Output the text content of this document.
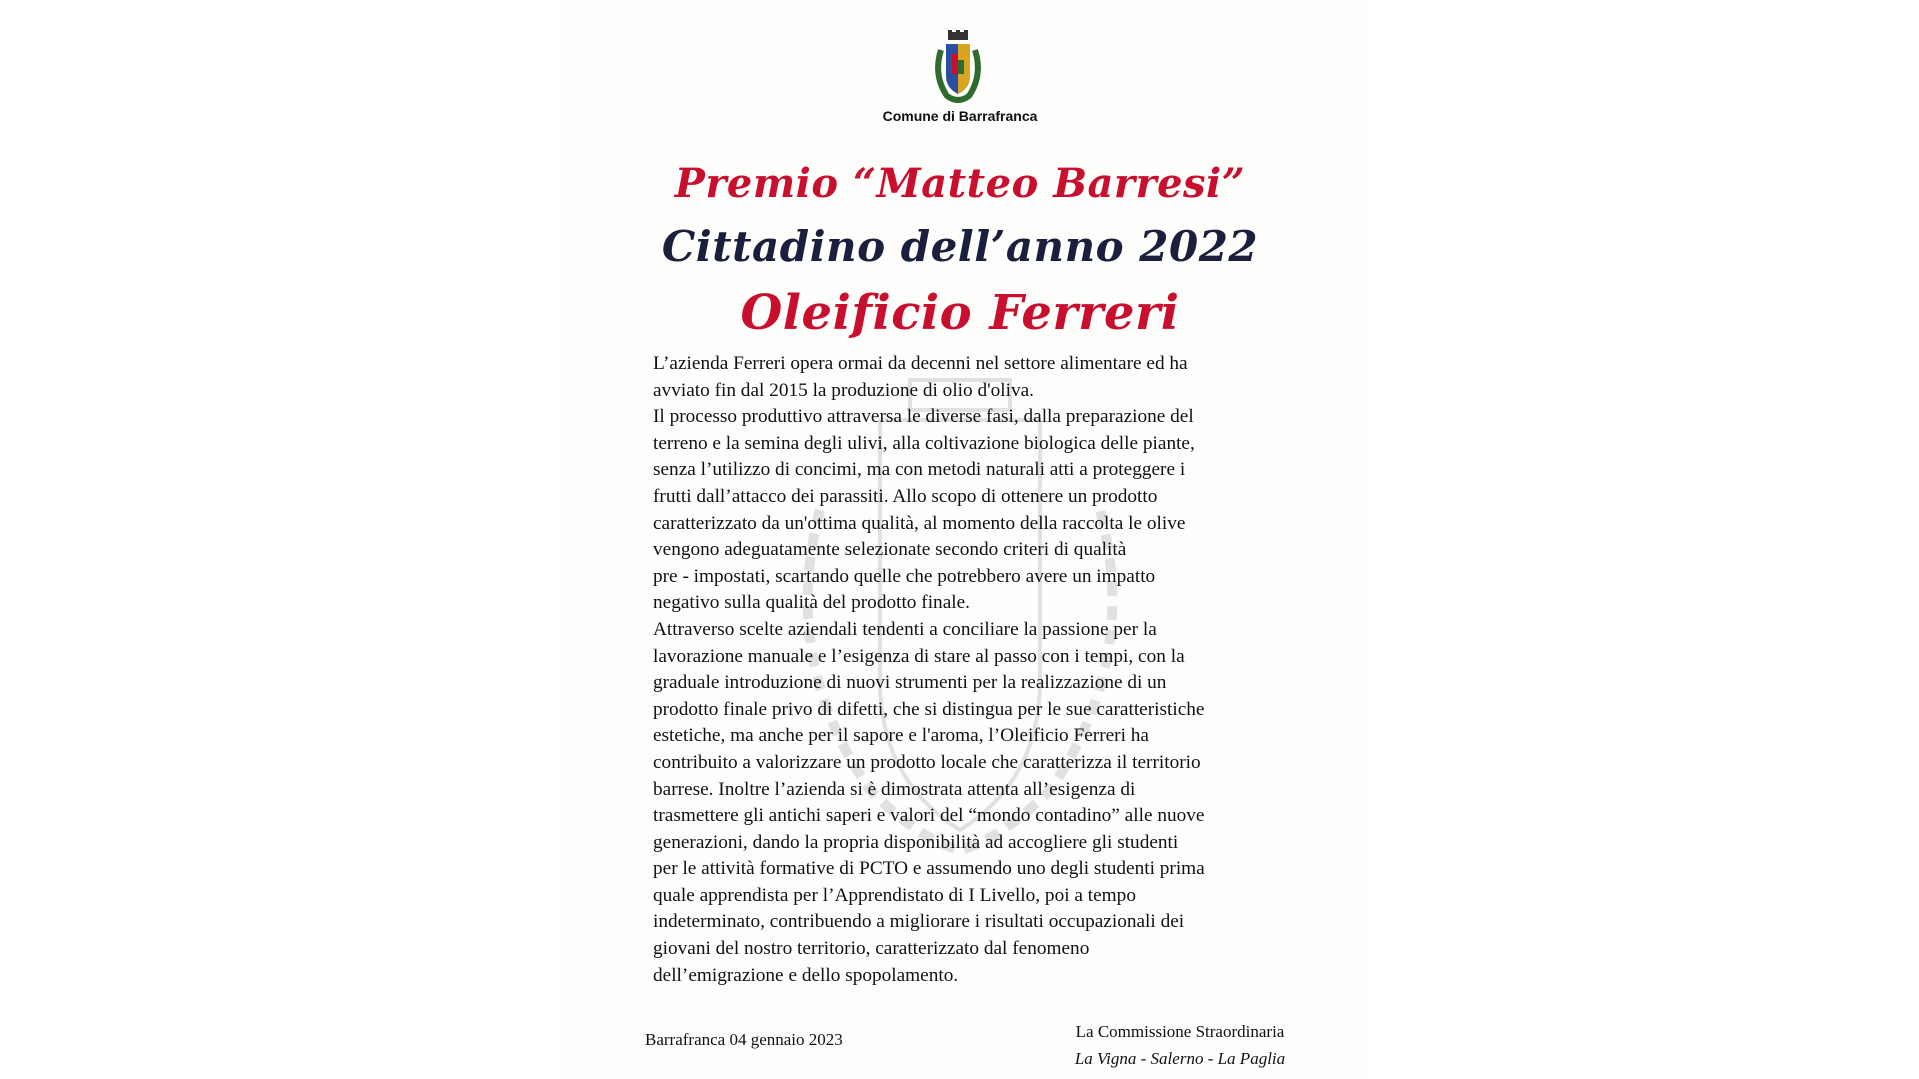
Comune di Barrafranca
Premio “Matteo Barresi”
Cittadino dell’anno 2022
Oleificio Ferreri
L’azienda Ferreri opera ormai da decenni nel settore alimentare ed ha
avviato fin dal 2015 la produzione di olio d'oliva.
Il processo produttivo attraversa le diverse fasi, dalla preparazione del
terreno e la semina degli ulivi, alla coltivazione biologica delle piante,
senza l’utilizzo di concimi, ma con metodi naturali atti a proteggere i
frutti dall’attacco dei parassiti. Allo scopo di ottenere un prodotto
caratterizzato da un'ottima qualità, al momento della raccolta le olive
vengono adeguatamente selezionate secondo criteri di qualità
pre - impostati, scartando quelle che potrebbero avere un impatto
negativo sulla qualità del prodotto finale.
Attraverso scelte aziendali tendenti a conciliare la passione per la
lavorazione manuale e l’esigenza di stare al passo con i tempi, con la
graduale introduzione di nuovi strumenti per la realizzazione di un
prodotto finale privo di difetti, che si distingua per le sue caratteristiche
estetiche, ma anche per il sapore e l'aroma, l’Oleificio Ferreri ha
contribuito a valorizzare un prodotto locale che caratterizza il territorio
barrese. Inoltre l’azienda si è dimostrata attenta all’esigenza di
trasmettere gli antichi saperi e valori del “mondo contadino” alle nuove
generazioni, dando la propria disponibilità ad accogliere gli studenti
per le attività formative di PCTO e assumendo uno degli studenti prima
quale apprendista per l’Apprendistato di I Livello, poi a tempo
indeterminato, contribuendo a migliorare i risultati occupazionali dei
giovani del nostro territorio, caratterizzato dal fenomeno
dell’emigrazione e dello spopolamento.
Barrafranca 04 gennaio 2023	La Commissione Straordinaria
La Vigna - Salerno - La Paglia
